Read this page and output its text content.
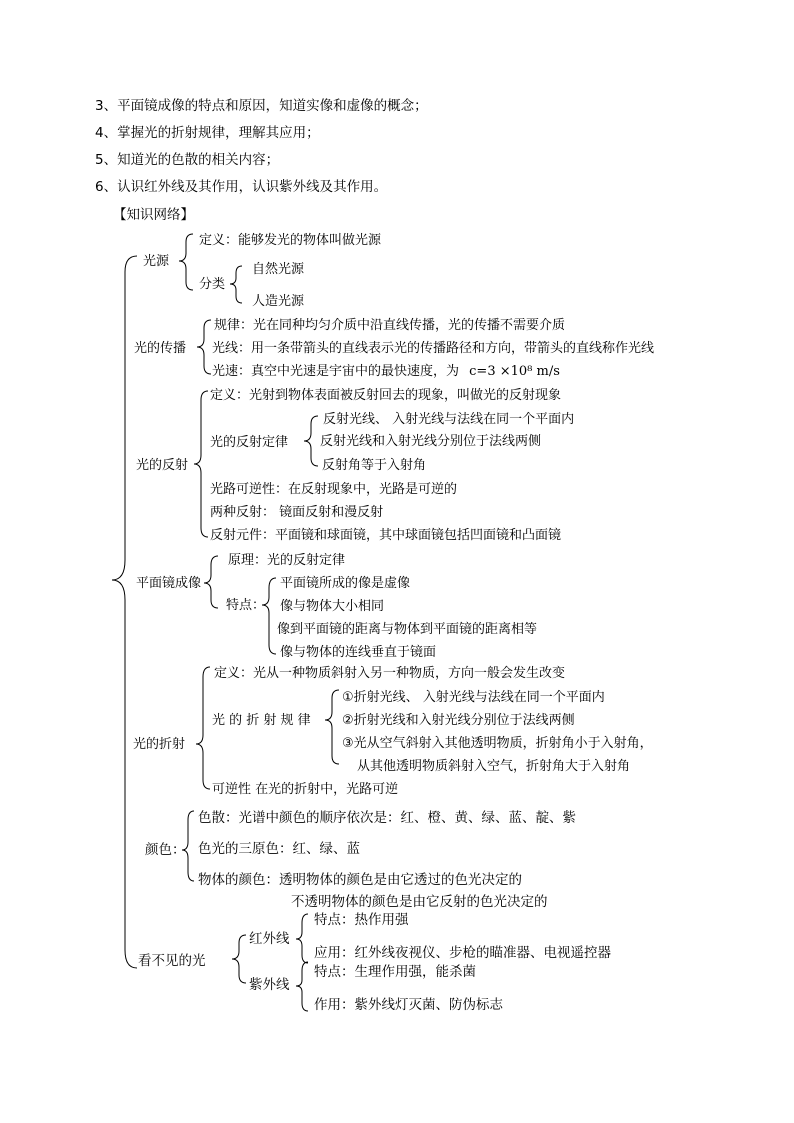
3、平面镜成像的特点和原因，知道实像和虚像的概念；
4、掌握光的折射规律，理解其应用；
5、知道光的色散的相关内容；
6、认识红外线及其作用，认识紫外线及其作用。
【知识网络】
光源
定义：能够发光的物体叫做光源
分类
自然光源
人造光源
光的传播
规律：光在同种均匀介质中沿直线传播，光的传播不需要介质
光线：用一条带箭头的直线表示光的传播路径和方向，带箭头的直线称作光线
光速：真空中光速是宇宙中的最快速度，为 c=3 ×10⁸ m/s
光的反射
定义：光射到物体表面被反射回去的现象，叫做光的反射现象
光的反射定律
反射光线、 入射光线与法线在同一个平面内
反射光线和入射光线分别位于法线两侧
反射角等于入射角
光路可逆性：在反射现象中，光路是可逆的
两种反射： 镜面反射和漫反射
反射元件：平面镜和球面镜，其中球面镜包括凹面镜和凸面镜
平面镜成像
原理：光的反射定律
特点：
平面镜所成的像是虚像
像与物体大小相同
像到平面镜的距离与物体到平面镜的距离相等
像与物体的连线垂直于镜面
光的折射
定义：光从一种物质斜射入另一种物质，方向一般会发生改变
光 的 折 射 规 律
①折射光线、 入射光线与法线在同一个平面内
②折射光线和入射光线分别位于法线两侧
③光从空气斜射入其他透明物质，折射角小于入射角，
从其他透明物质斜射入空气，折射角大于入射角
可逆性 在光的折射中，光路可逆
颜色：
色散：光谱中颜色的顺序依次是：红、橙、黄、绿、蓝、靛、紫
色光的三原色：红、绿、蓝
物体的颜色：透明物体的颜色是由它透过的色光决定的
不透明物体的颜色是由它反射的色光决定的
看不见的光
红外线
特点：热作用强
应用：红外线夜视仪、步枪的瞄准器、电视遥控器
紫外线
特点：生理作用强，能杀菌
作用：紫外线灯灭菌、防伪标志
